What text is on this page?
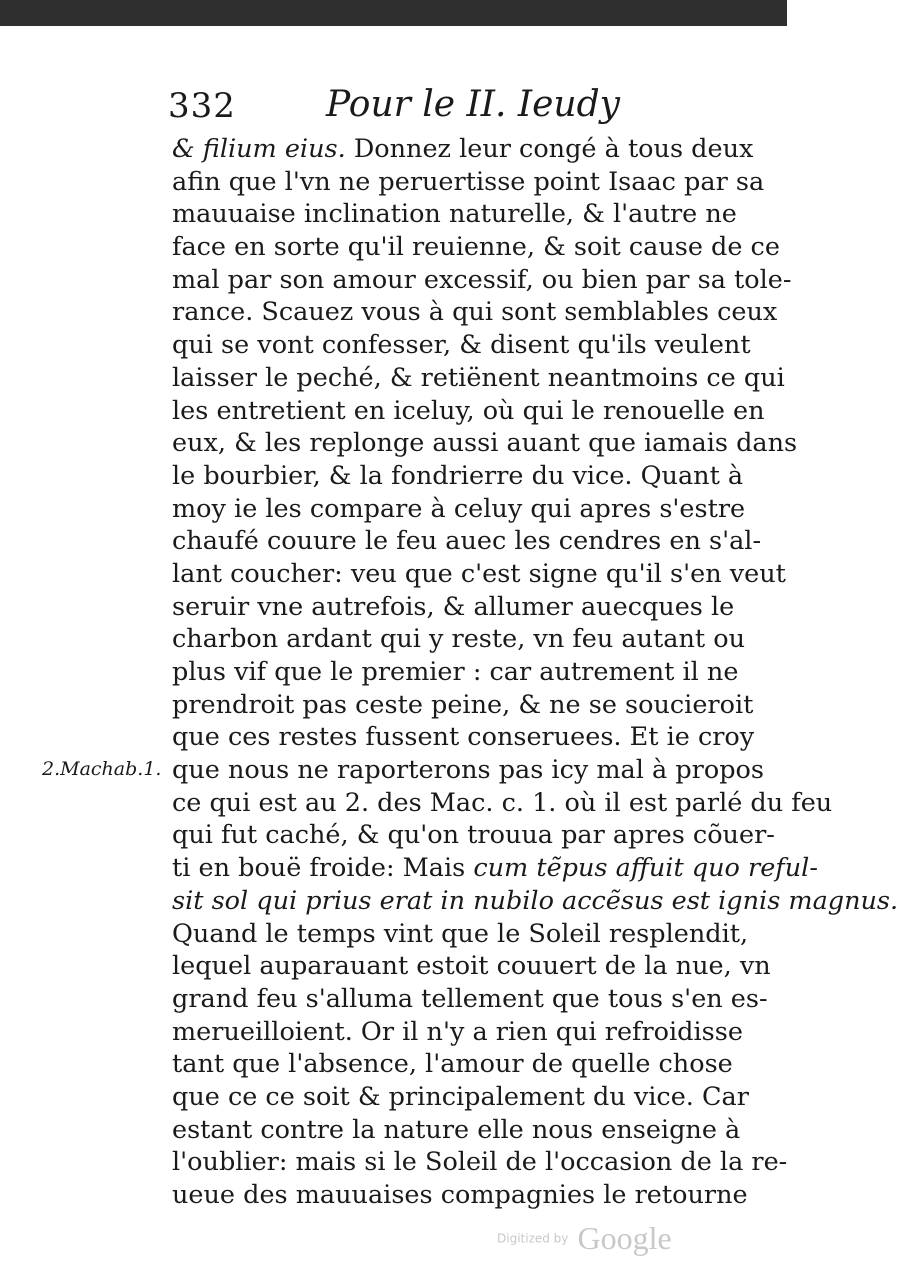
332	Pour le II. Ieudy
2.Machab.1.
& filium eius. Donnez leur congé à tous deux
afin que l'vn ne peruertisse point Isaac par sa
mauuaise inclination naturelle, & l'autre ne
face en sorte qu'il reuienne, & soit cause de ce
mal par son amour excessif, ou bien par sa tole-
rance. Scauez vous à qui sont semblables ceux
qui se vont confesser, & disent qu'ils veulent
laisser le peché, & retiënent neantmoins ce qui
les entretient en iceluy, où qui le renouelle en
eux, & les replonge aussi auant que iamais dans
le bourbier, & la fondrierre du vice. Quant à
moy ie les compare à celuy qui apres s'estre
chaufé couure le feu auec les cendres en s'al-
lant coucher: veu que c'est signe qu'il s'en veut
seruir vne autrefois, & allumer auecques le
charbon ardant qui y reste, vn feu autant ou
plus vif que le premier : car autrement il ne
prendroit pas ceste peine, & ne se soucieroit
que ces restes fussent conseruees. Et ie croy
que nous ne raporterons pas icy mal à propos
ce qui est au 2. des Mac. c. 1. où il est parlé du feu
qui fut caché, & qu'on trouua par apres cõuer-
ti en bouë froide: Mais cum tẽpus affuit quo reful-
sit sol qui prius erat in nubilo accẽsus est ignis magnus.
Quand le temps vint que le Soleil resplendit,
lequel auparauant estoit couuert de la nue, vn
grand feu s'alluma tellement que tous s'en es-
merueilloient. Or il n'y a rien qui refroidisse
tant que l'absence, l'amour de quelle chose
que ce ce soit & principalement du vice. Car
estant contre la nature elle nous enseigne à
l'oublier: mais si le Soleil de l'occasion de la re-
ueue des mauuaises compagnies le retourne
Digitized by Google
